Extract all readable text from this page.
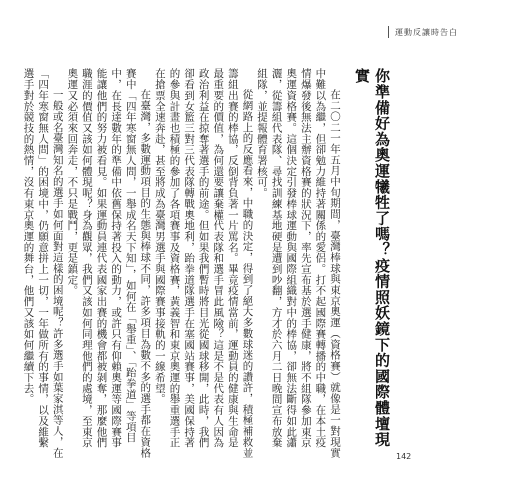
運動反讓時告白
你準備好為奧運犧牲了嗎？疫情照妖鏡下的國際體壇現實

在二〇二一年五月中旬期間，臺灣棒球與東京奧運（資格賽）就像是一對現實中難以為繼，但卻勉力維持著關係的愛侶。打不起國際賽轉播的中職，在本土疫情爆發後無法主辦資格賽的狀況下，率先宣布基於選手健康，將不組隊參加東京奧運資格賽。這個決定引發棒球運動與國際組織對中的棒協，卻無法斷得如此瀟灑，從籌組代表隊、尋找訓練基地硬是遭到吵翻，方才於六月二日晚間宣布放棄組隊，並提報體育署核可。

從網路上的反應看來，中職的決定，得到了絕大多數球迷的讚許，積極補救並籌組出賽的棒協，反倒背負著一片罵名。畢竟疫情當前，運動員的健康與生命是最重要的價值，為何還要讓棄權代表隊和選手冒此風險？這是不是代表有人因為政治利益在掠奪著選手的前途。但如果我們暫時將目光從國球移開，此時，我們卻看到女籃三對三代表隊轉戰奧地利，跆拳道隊選手在塞國站賽事，美國保持著的參與計畫也積極的參加了各項賽事及資格賽，黃義智和東京奧運的舉重選手正在搶票全速奔赴，甚至將成為臺灣男選手與國際賽事接軌的一線希望。

在臺灣，多數運動項目的生態與棒球不同，許多項目為數不多的選手都在資格賽中「四年寒窗無人問，一舉成名天下知」，如何在「舉重」、「跆拳道」等項目中，在長達數年的準備中依舊保持著投入的動力，或許只有仰賴奧運等國際賽事能讓他們的努力被看見。如果運動員連代表國家出賽的機會都被剝奪，那麼他們職涯的價值又該如何體現呢？身為觀眾，我們又該如何同理他們的處境，至東京奧運又必須來回奔走，不只是戰鬥，更是鎮定。

一般或名臺灣知名的選手如何面對這樣的困境呢？許多選手如葉家淇等人，在「四年寒窗無人問」的困境中，仍願意拼上一切，一年做所有的事情，以及維繫選手對於競技的熱情，沒有東京奧運的舞台，他們又該如何繼續下去。

142
